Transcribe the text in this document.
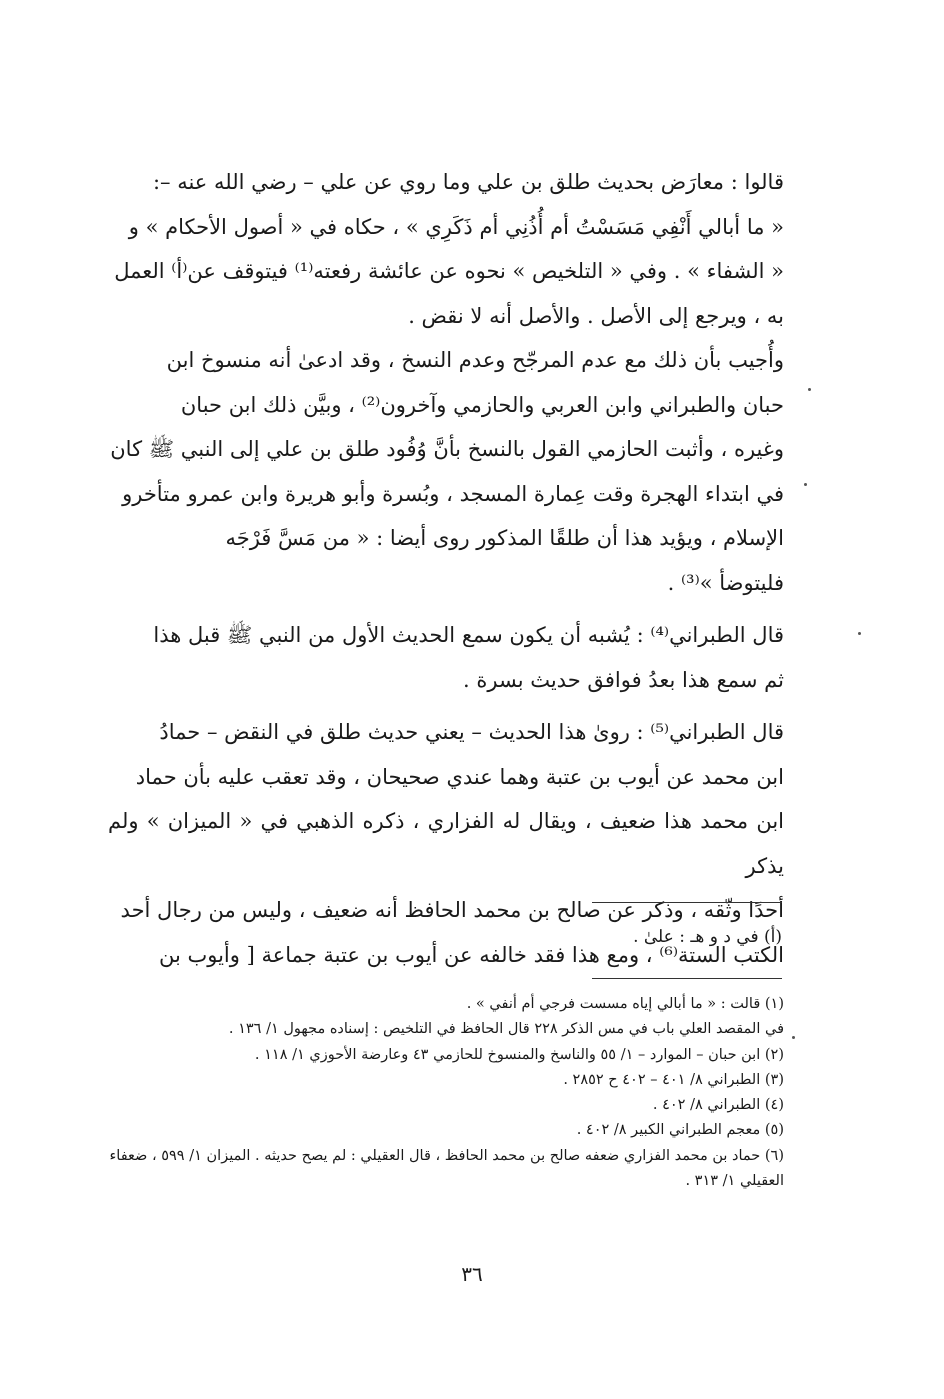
قالوا : معارَض بحديث طلق بن علي وما روي عن علي – رضي الله عنه –:

« ما أبالي أَنْفِي مَسَسْتُ أم أُذُنِي أم ذَكَرِي » ، حكاه في « أصول الأحكام » و

« الشفاء » . وفي « التلخيص » نحوه عن عائشة رفعته⁽¹⁾ فيتوقف عن⁽أ⁾ العمل

به ، ويرجع إلى الأصل . والأصل أنه لا نقض .

وأُجيب بأن ذلك مع عدم المرجّح وعدم النسخ ، وقد ادعىٰ أنه منسوخ ابن

حبان والطبراني وابن العربي والحازمي وآخرون⁽²⁾ ، وبيَّن ذلك ابن حبان

وغيره ، وأثبت الحازمي القول بالنسخ بأنَّ وُفُود طلق بن علي إلى النبي ﷺ كان

في ابتداء الهجرة وقت عِمارة المسجد ، وبُسرة وأبو هريرة وابن عمرو متأخرو

الإسلام ، ويؤيد هذا أن طلقًا المذكور روى أيضا : « من مَسَّ فَرْجَه

فليتوضأ »⁽³⁾ .

قال الطبراني⁽⁴⁾ : يُشبه أن يكون سمع الحديث الأول من النبي ﷺ قبل هذا

ثم سمع هذا بعدُ فوافق حديث بسرة .

قال الطبراني⁽⁵⁾ : روىٰ هذا الحديث – يعني حديث طلق في النقض – حمادُ

ابن محمد عن أيوب بن عتبة وهما عندي صحيحان ، وقد تعقب عليه بأن حماد

ابن محمد هذا ضعيف ، ويقال له الفزاري ، ذكره الذهبي في « الميزان » ولم يذكر

أحدًا وثّقه ، وذكر عن صالح بن محمد الحافظ أنه ضعيف ، وليس من رجال أحد

الكتب الستة⁽⁶⁾ ، ومع هذا فقد خالفه عن أيوب بن عتبة جماعة [ وأيوب بن

(أ) في د و هـ : علىٰ .

(١) قالت : « ما أبالي إياه مسست فرجي أم أنفي » .

في المقصد العلي باب في مس الذكر ٢٢٨ قال الحافظ في التلخيص : إسناده مجهول ١/ ١٣٦ .

(٢) ابن حبان – الموارد – ١/ ٥٥ والناسخ والمنسوخ للحازمي ٤٣ وعارضة الأحوزي ١/ ١١٨ .

(٣) الطبراني ٨/ ٤٠١ – ٤٠٢ ح ٢٨٥٢ .

(٤) الطبراني ٨/ ٤٠٢ .

(٥) معجم الطبراني الكبير ٨/ ٤٠٢ .

(٦) حماد بن محمد الفزاري ضعفه صالح بن محمد الحافظ ، قال العقيلي : لم يصح حديثه . الميزان ١/ ٥٩٩ ، ضعفاء العقيلي ١/ ٣١٣ .

٣٦
